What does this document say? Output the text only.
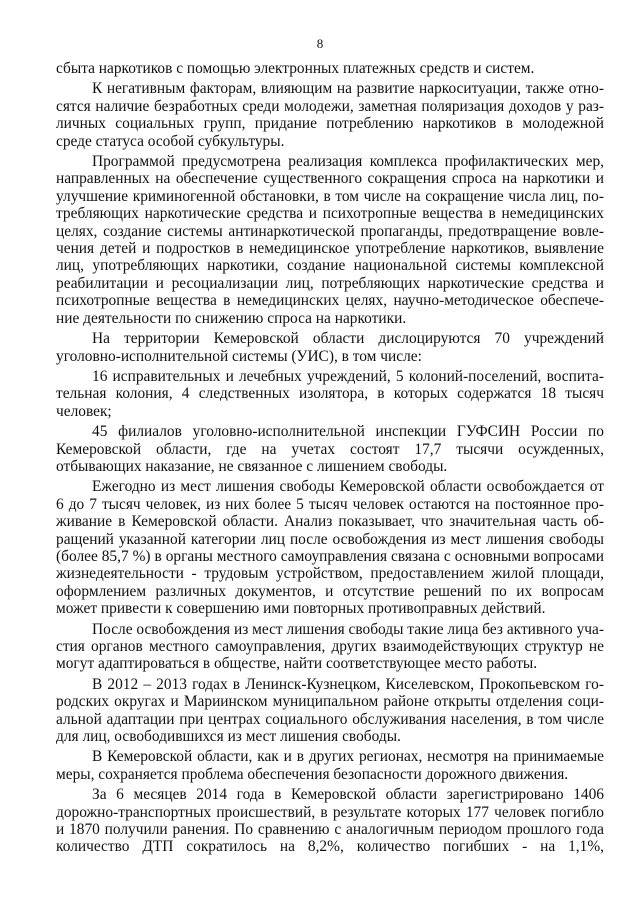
8

сбыта наркотиков с помощью электронных платежных средств и систем.

К негативным факторам, влияющим на развитие наркоситуации, также относятся наличие безработных среди молодежи, заметная поляризация доходов у различных социальных групп, придание потреблению наркотиков в молодежной среде статуса особой субкультуры.

Программой предусмотрена реализация комплекса профилактических мер, направленных на обеспечение существенного сокращения спроса на наркотики и улучшение криминогенной обстановки, в том числе на сокращение числа лиц, потребляющих наркотические средства и психотропные вещества в немедицинских целях, создание системы антинаркотической пропаганды, предотвращение вовлечения детей и подростков в немедицинское употребление наркотиков, выявление лиц, употребляющих наркотики, создание национальной системы комплексной реабилитации и ресоциализации лиц, потребляющих наркотические средства и психотропные вещества в немедицинских целях, научно-методическое обеспечение деятельности по снижению спроса на наркотики.

На территории Кемеровской области дислоцируются 70 учреждений уголовно-исполнительной системы (УИС), в том числе:

16 исправительных и лечебных учреждений, 5 колоний-поселений, воспитательная колония, 4 следственных изолятора, в которых содержатся 18 тысяч человек;

45 филиалов уголовно-исполнительной инспекции ГУФСИН России по Кемеровской области, где на учетах состоят 17,7 тысячи осужденных, отбывающих наказание, не связанное с лишением свободы.

Ежегодно из мест лишения свободы Кемеровской области освобождается от 6 до 7 тысяч человек, из них более 5 тысяч человек остаются на постоянное проживание в Кемеровской области. Анализ показывает, что значительная часть обращений указанной категории лиц после освобождения из мест лишения свободы (более 85,7 %) в органы местного самоуправления связана с основными вопросами жизнедеятельности - трудовым устройством, предоставлением жилой площади, оформлением различных документов, и отсутствие решений по их вопросам может привести к совершению ими повторных противоправных действий.

После освобождения из мест лишения свободы такие лица без активного участия органов местного самоуправления, других взаимодействующих структур не могут адаптироваться в обществе, найти соответствующее место работы.

В 2012 – 2013 годах в Ленинск-Кузнецком, Киселевском, Прокопьевском городских округах и Мариинском муниципальном районе открыты отделения социальной адаптации при центрах социального обслуживания населения, в том числе для лиц, освободившихся из мест лишения свободы.

В Кемеровской области, как и в других регионах, несмотря на принимаемые меры, сохраняется проблема обеспечения безопасности дорожного движения.

За 6 месяцев 2014 года в Кемеровской области зарегистрировано 1406 дорожно-транспортных происшествий, в результате которых 177 человек погибло и 1870 получили ранения. По сравнению с аналогичным периодом прошлого года количество ДТП сократилось на 8,2%, количество погибших - на 1,1%,
